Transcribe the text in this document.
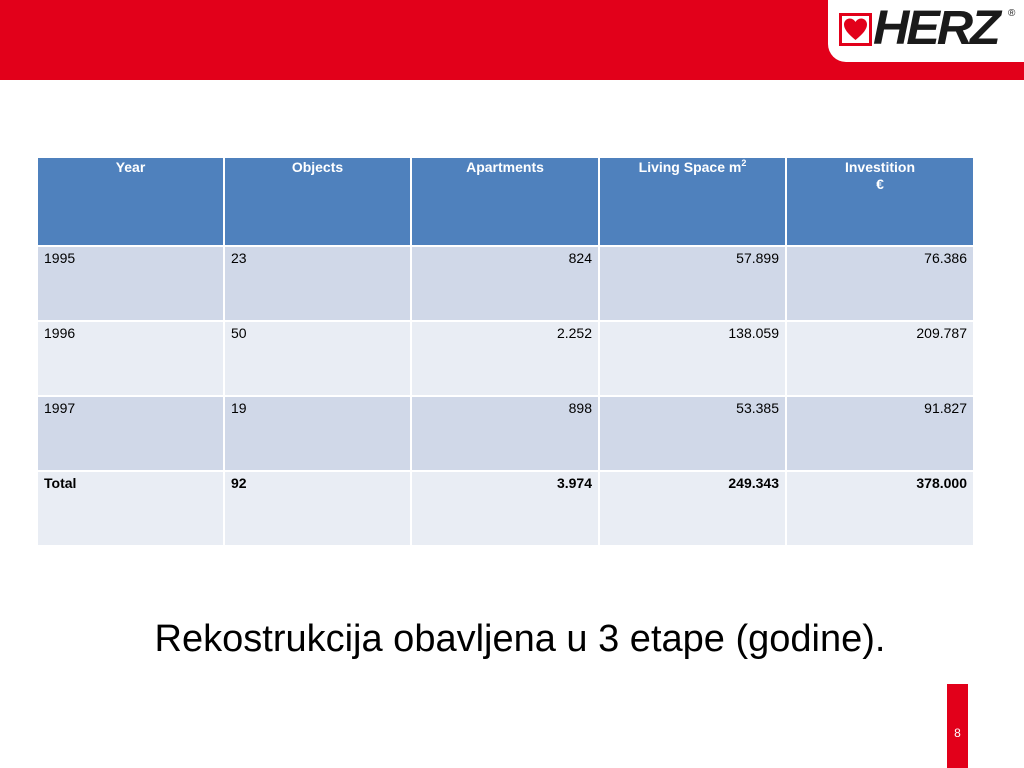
HERZ ®
Year	Objects	Apartments	Living Space $m^2$	Investition
€
1995	23	824	57.899	76.386
1996	50	2.252	138.059	209.787
1997	19	898	53.385	91.827
Total	92	3.974	249.343	378.000
Rekostrukcija obavljena u 3 etape (godine).
8
